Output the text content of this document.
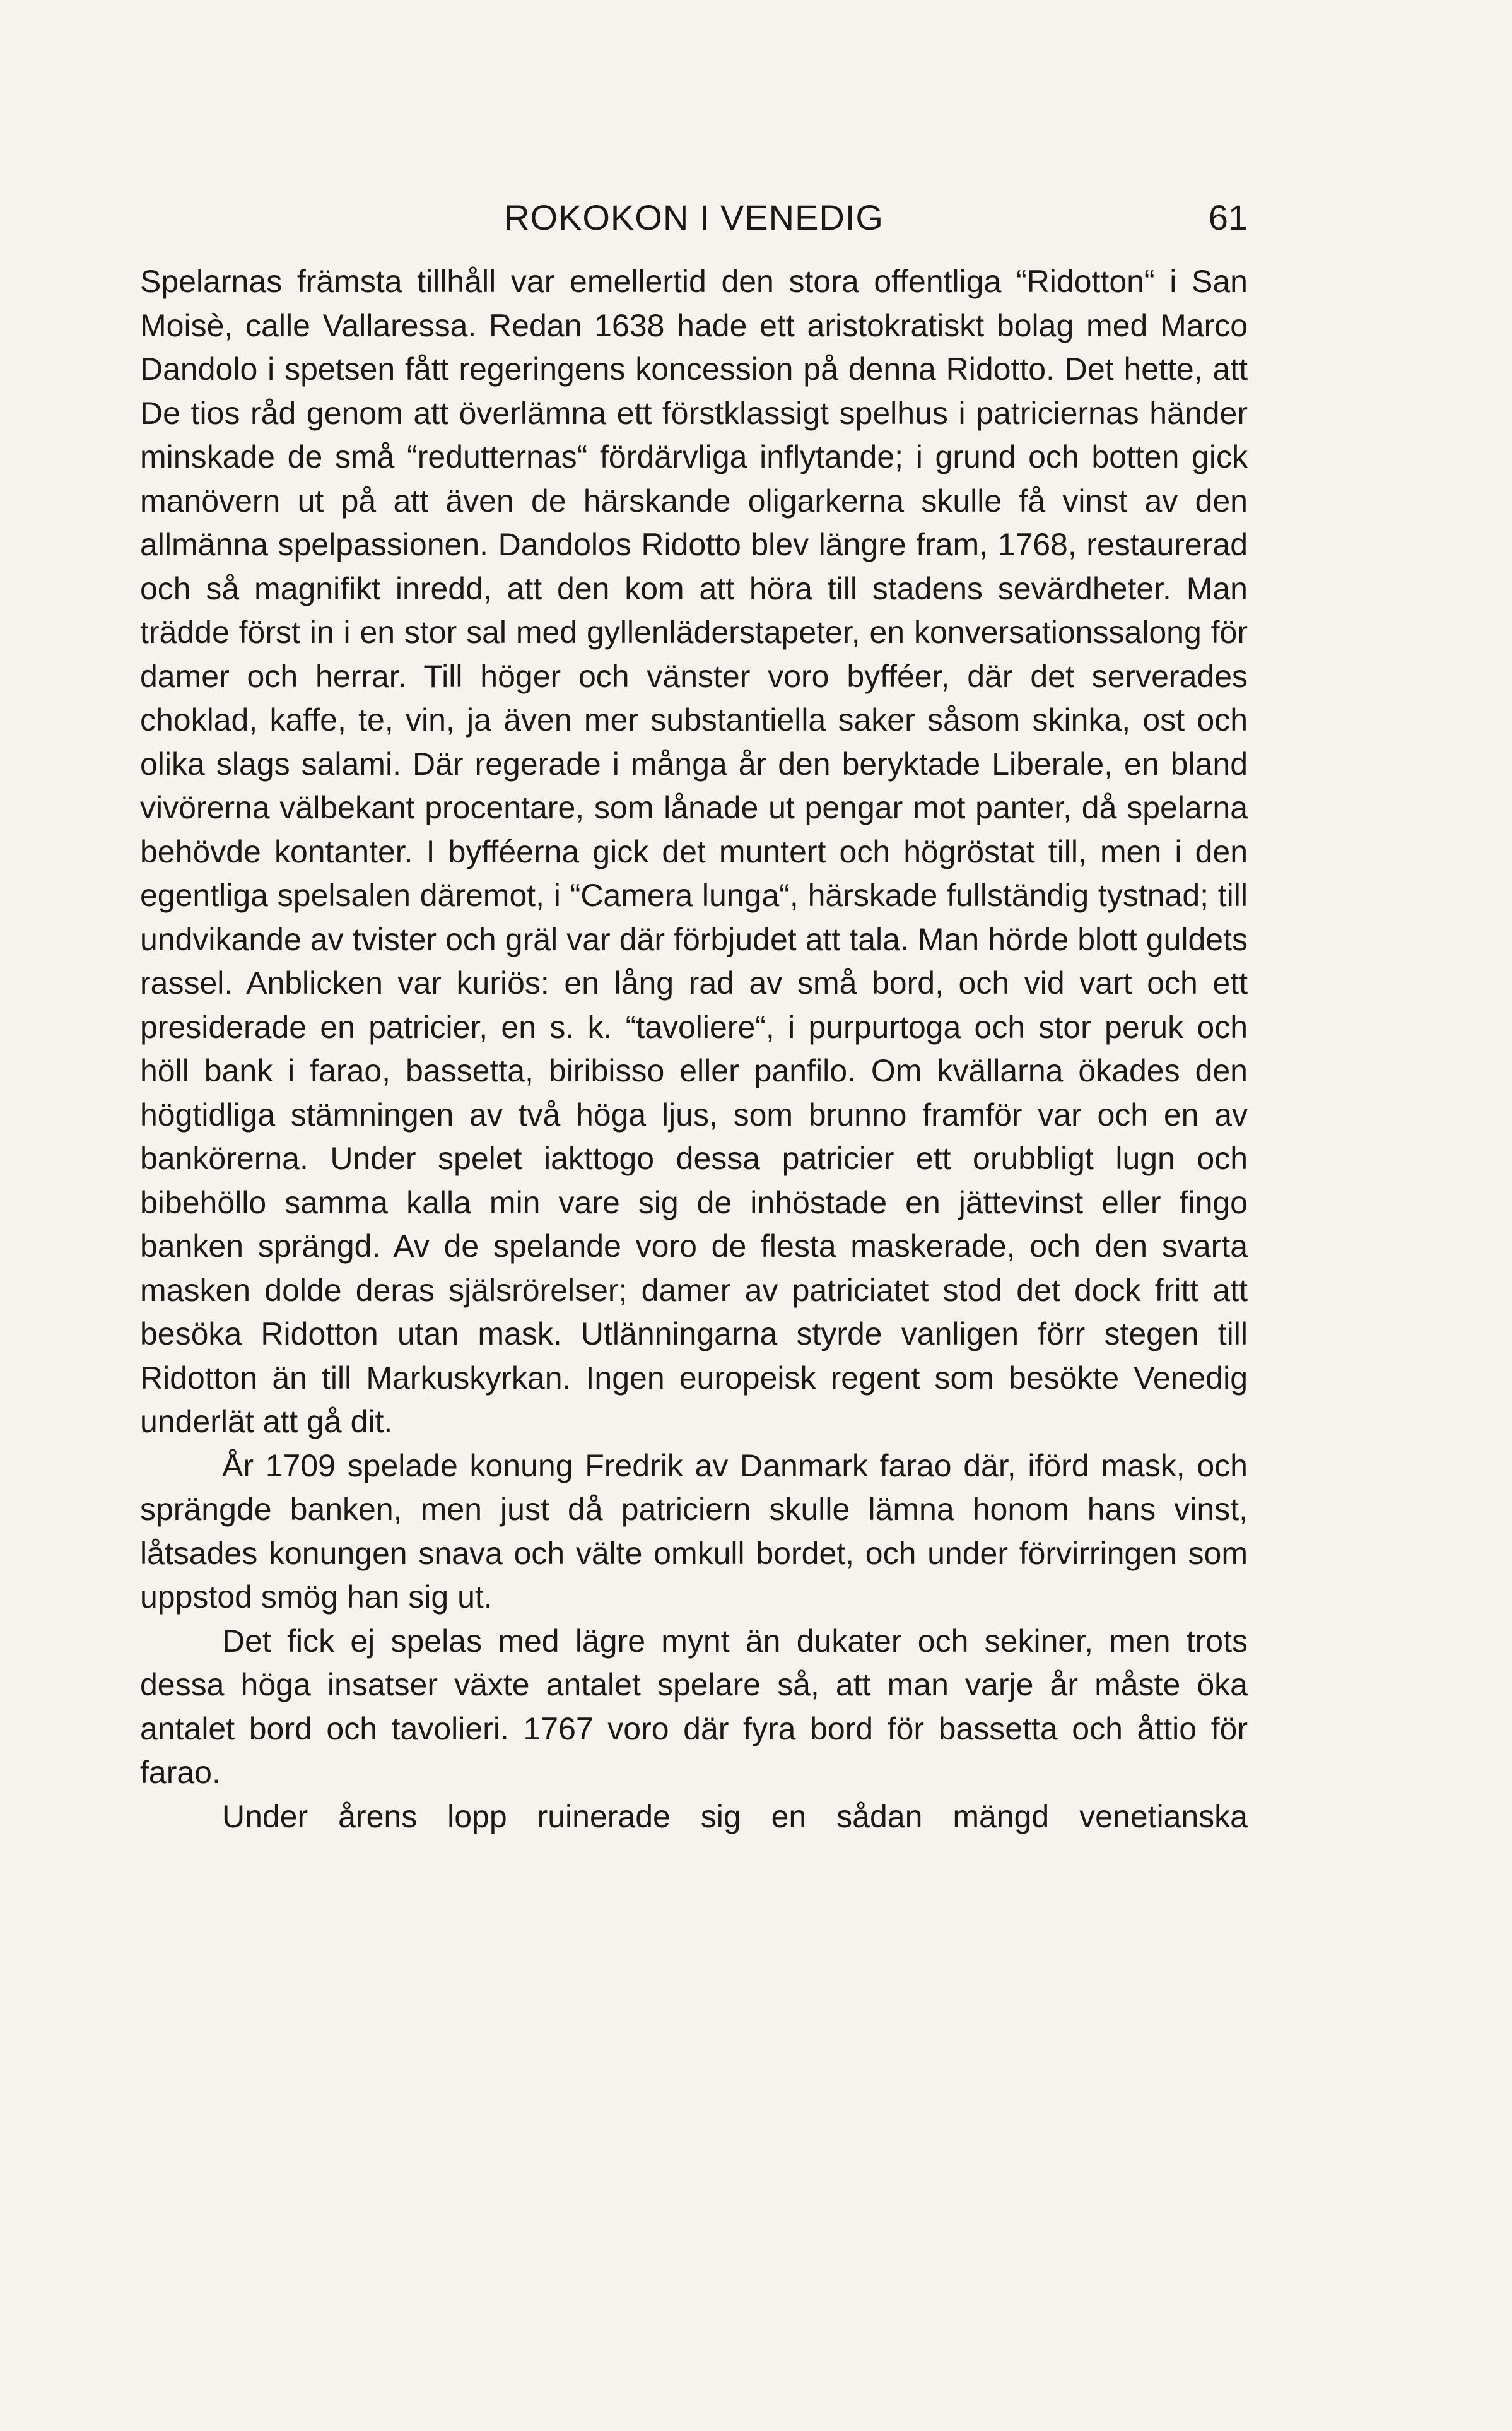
ROKOKON I VENEDIG	61

Spelarnas främsta tillhåll var emellertid den stora offentliga “Ridotton“ i San Moisè, calle Vallaressa. Redan 1638 hade ett aristokratiskt bolag med Marco Dandolo i spetsen fått regeringens koncession på denna Ridotto. Det hette, att De tios råd genom att överlämna ett förstklassigt spelhus i patriciernas händer minskade de små “redutternas“ fördärvliga inflytande; i grund och botten gick manövern ut på att även de härskande oligarkerna skulle få vinst av den allmänna spelpassionen. Dandolos Ridotto blev längre fram, 1768, restaurerad och så magnifikt inredd, att den kom att höra till stadens sevärdheter. Man trädde först in i en stor sal med gyllenläderstapeter, en konversationssalong för damer och herrar. Till höger och vänster voro byfféer, där det serverades choklad, kaffe, te, vin, ja även mer substantiella saker såsom skinka, ost och olika slags salami. Där regerade i många år den beryktade Liberale, en bland vivörerna välbekant procentare, som lånade ut pengar mot panter, då spelarna behövde kontanter. I byfféerna gick det muntert och högröstat till, men i den egentliga spelsalen däremot, i “Camera lunga“, härskade fullständig tystnad; till undvikande av tvister och gräl var där förbjudet att tala. Man hörde blott guldets rassel. Anblicken var kuriös: en lång rad av små bord, och vid vart och ett presiderade en patricier, en s. k. “tavoliere“, i purpurtoga och stor peruk och höll bank i farao, bassetta, biribisso eller panfilo. Om kvällarna ökades den högtidliga stämningen av två höga ljus, som brunno framför var och en av bankörerna. Under spelet iakttogo dessa patricier ett orubbligt lugn och bibehöllo samma kalla min vare sig de inhöstade en jättevinst eller fingo banken sprängd. Av de spelande voro de flesta maskerade, och den svarta masken dolde deras själsrörelser; damer av patriciatet stod det dock fritt att besöka Ridotton utan mask. Utlänningarna styrde vanligen förr stegen till Ridotton än till Markuskyrkan. Ingen europeisk regent som besökte Venedig underlät att gå dit.

År 1709 spelade konung Fredrik av Danmark farao där, iförd mask, och sprängde banken, men just då patriciern skulle lämna honom hans vinst, låtsades konungen snava och välte omkull bordet, och under förvirringen som uppstod smög han sig ut.

Det fick ej spelas med lägre mynt än dukater och sekiner, men trots dessa höga insatser växte antalet spelare så, att man varje år måste öka antalet bord och tavolieri. 1767 voro där fyra bord för bassetta och åttio för farao.

Under årens lopp ruinerade sig en sådan mängd venetianska
